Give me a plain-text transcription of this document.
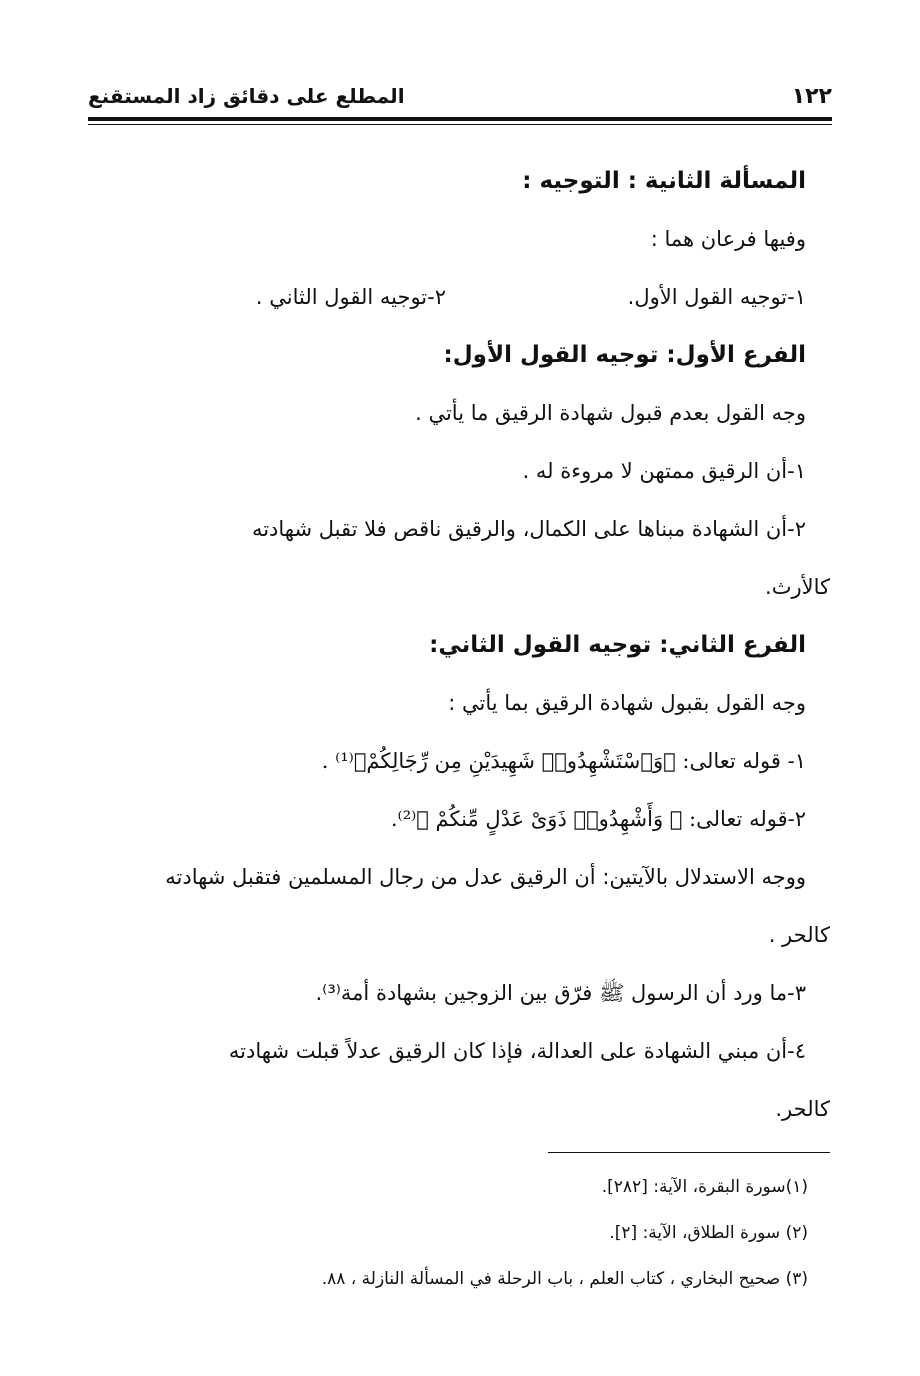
١٢٢
المطلع على دقائق زاد المستقنع

المسألة الثانية : التوجيه :

وفيها فرعان هما :

١-توجيه القول الأول.
٢-توجيه القول الثاني .

الفرع الأول: توجيه القول الأول:

وجه القول بعدم قبول شهادة الرقيق ما يأتي .

١-أن الرقيق ممتهن لا مروءة له .

٢-أن الشهادة مبناها على الكمال، والرقيق ناقص فلا تقبل شهادته

كالأرث.

الفرع الثاني: توجيه القول الثاني:

وجه القول بقبول شهادة الرقيق بما يأتي :

١- قوله تعالى: ﴿وَٱسْتَشْهِدُوا۟ شَهِيدَيْنِ مِن رِّجَالِكُمْ﴾⁽¹⁾ .

٢-قوله تعالى: ﴿ وَأَشْهِدُوا۟ ذَوَىْ عَدْلٍ مِّنكُمْ ﴾⁽²⁾.

ووجه الاستدلال بالآيتين: أن الرقيق عدل من رجال المسلمين فتقبل شهادته

كالحر .

٣-ما ورد أن الرسول ﷺ فرّق بين الزوجين بشهادة أمة⁽³⁾.

٤-أن مبني الشهادة على العدالة، فإذا كان الرقيق عدلاً قبلت شهادته

كالحر.

(١)سورة البقرة، الآية: [٢٨٢].

(٢) سورة الطلاق، الآية: [٢].

(٣) صحيح البخاري ، كتاب العلم ، باب الرحلة في المسألة النازلة ، ٨٨.
